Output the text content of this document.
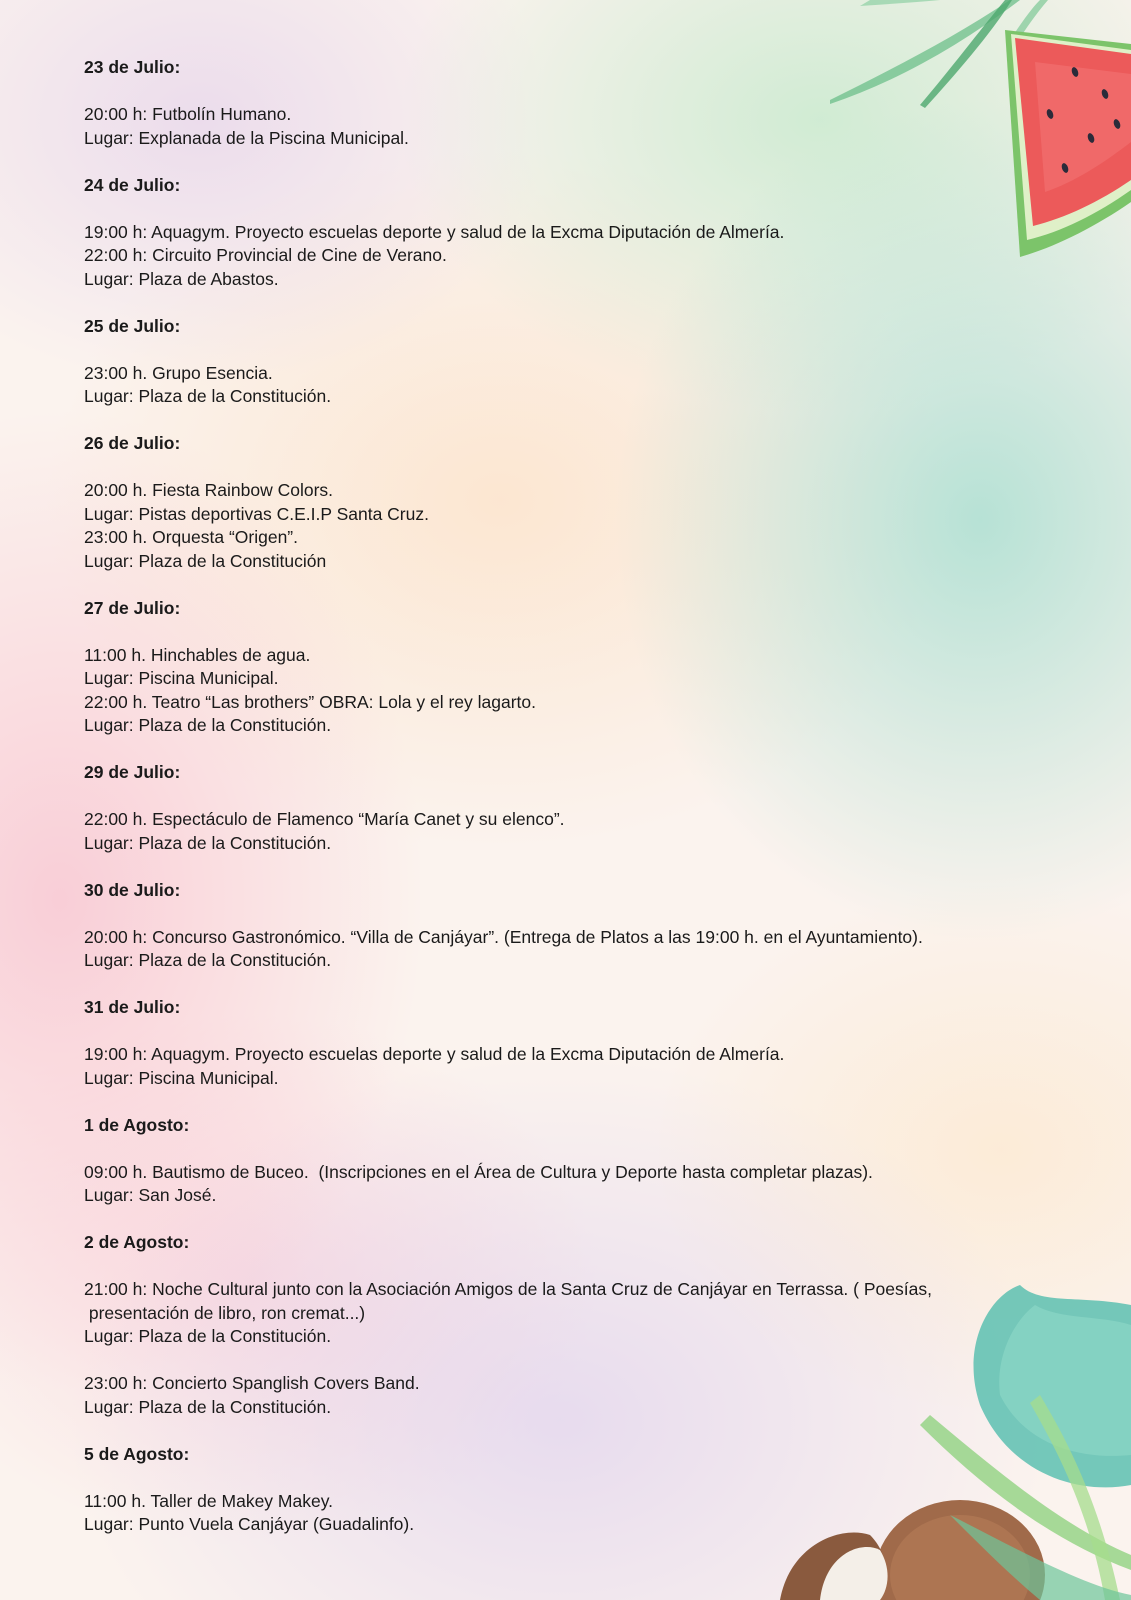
23 de Julio:
20:00 h: Futbolín Humano.
Lugar: Explanada de la Piscina Municipal.
24 de Julio:
19:00 h: Aquagym. Proyecto escuelas deporte y salud de la Excma Diputación de Almería.
22:00 h: Circuito Provincial de Cine de Verano.
Lugar: Plaza de Abastos.
25 de Julio:
23:00 h. Grupo Esencia.
Lugar: Plaza de la Constitución.
26 de Julio:
20:00 h. Fiesta Rainbow Colors.
Lugar: Pistas deportivas C.E.I.P Santa Cruz.
23:00 h. Orquesta “Origen”.
Lugar: Plaza de la Constitución
27 de Julio:
11:00 h. Hinchables de agua.
Lugar: Piscina Municipal.
22:00 h. Teatro “Las brothers” OBRA: Lola y el rey lagarto.
Lugar: Plaza de la Constitución.
29 de Julio:
22:00 h. Espectáculo de Flamenco “María Canet y su elenco”.
Lugar: Plaza de la Constitución.
30 de Julio:
20:00 h: Concurso Gastronómico. “Villa de Canjáyar”. (Entrega de Platos a las 19:00 h. en el Ayuntamiento).
Lugar: Plaza de la Constitución.
31 de Julio:
19:00 h: Aquagym. Proyecto escuelas deporte y salud de la Excma Diputación de Almería.
Lugar: Piscina Municipal.
1 de Agosto:
09:00 h. Bautismo de Buceo.  (Inscripciones en el Área de Cultura y Deporte hasta completar plazas).
Lugar: San José.
2 de Agosto:
21:00 h: Noche Cultural junto con la Asociación Amigos de la Santa Cruz de Canjáyar en Terrassa. ( Poesías,
presentación de libro, ron cremat...)
Lugar: Plaza de la Constitución.
23:00 h: Concierto Spanglish Covers Band.
Lugar: Plaza de la Constitución.
5 de Agosto:
11:00 h. Taller de Makey Makey.
Lugar: Punto Vuela Canjáyar (Guadalinfo).
